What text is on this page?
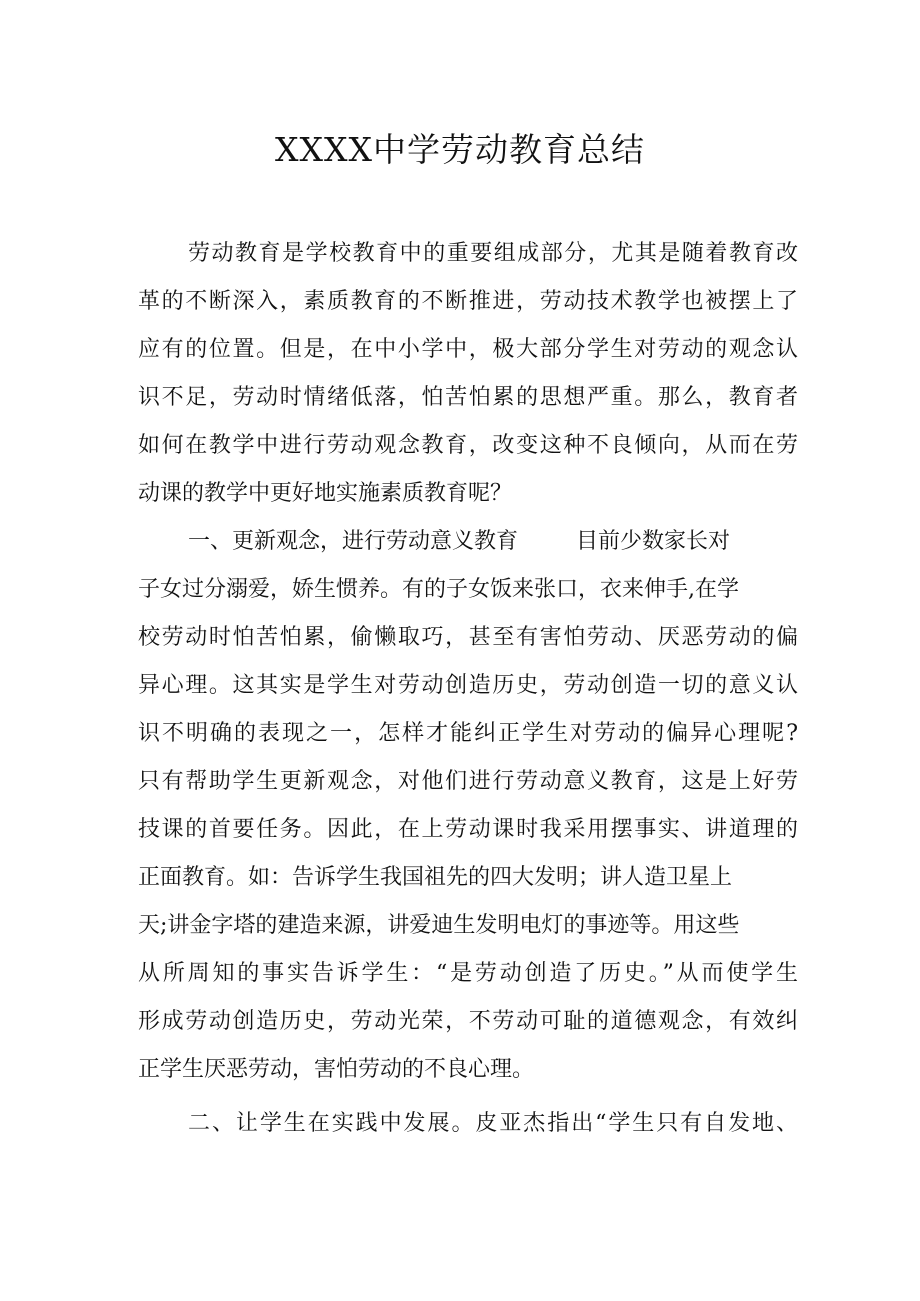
XXXX中学劳动教育总结
劳动教育是学校教育中的重要组成部分，尤其是随着教育改
革的不断深入，素质教育的不断推进，劳动技术教学也被摆上了
应有的位置。但是，在中小学中，极大部分学生对劳动的观念认
识不足，劳动时情绪低落，怕苦怕累的思想严重。那么，教育者
如何在教学中进行劳动观念教育，改变这种不良倾向，从而在劳
动课的教学中更好地实施素质教育呢？
一、更新观念，进行劳动意义教育	目前少数家长对
子女过分溺爱，娇生惯养。有的子女饭来张口，衣来伸手,在学
校劳动时怕苦怕累，偷懒取巧，甚至有害怕劳动、厌恶劳动的偏
异心理。这其实是学生对劳动创造历史，劳动创造一切的意义认
识不明确的表现之一，怎样才能纠正学生对劳动的偏异心理呢?
只有帮助学生更新观念，对他们进行劳动意义教育，这是上好劳
技课的首要任务。因此，在上劳动课时我采用摆事实、讲道理的
正面教育。如：告诉学生我国祖先的四大发明；讲人造卫星上
天;讲金字塔的建造来源，讲爱迪生发明电灯的事迹等。用这些
从所周知的事实告诉学生：“是劳动创造了历史。”从而使学生
形成劳动创造历史，劳动光荣，不劳动可耻的道德观念，有效纠
正学生厌恶劳动，害怕劳动的不良心理。
二、让学生在实践中发展。皮亚杰指出“学生只有自发地、
